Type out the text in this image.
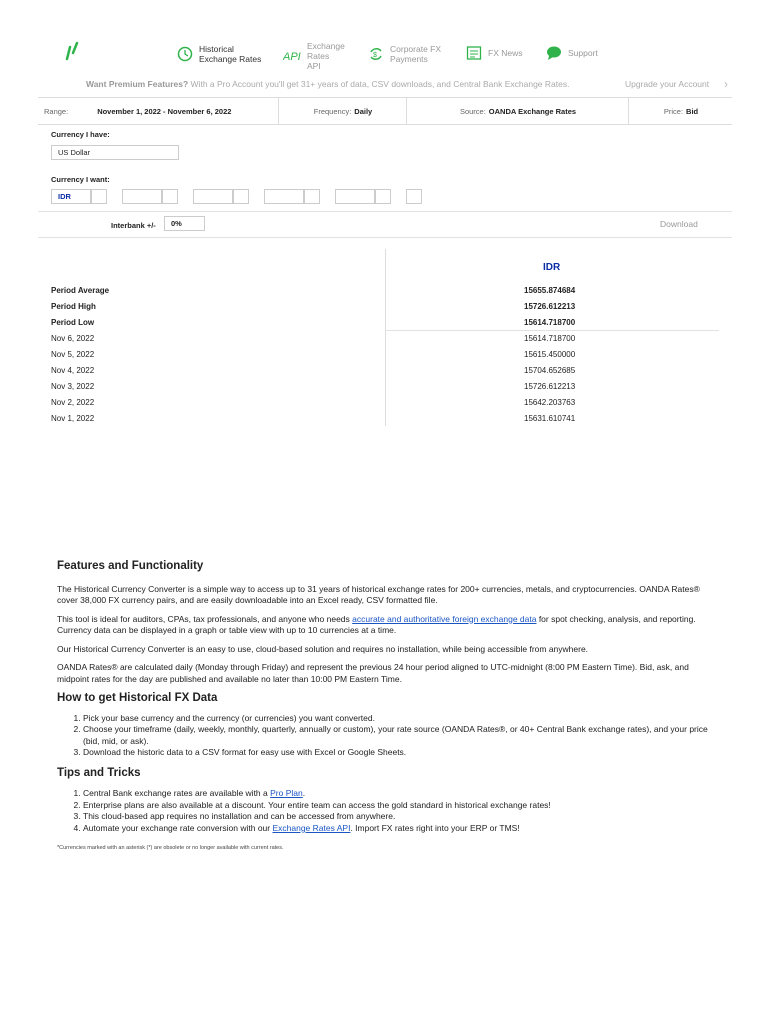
Historical
Exchange Rates API
Exchange
Rates
API
$
Corporate FX
Payments
FX News	Support
Want Premium Features? With a Pro Account you'll get 31+ years of data, CSV downloads, and Central Bank Exchange Rates.	Upgrade your Account ›
Range:	November 1, 2022 - November 6, 2022	Frequency: Daily	Source: OANDA Exchange Rates	Price: Bid
Currency I have:
US Dollar
Currency I want:
IDR
Interbank +/-	0%	Download
IDR
Period Average	15655.874684
Period High	15726.612213
Period Low	15614.718700
Nov 6, 2022	15614.718700
Nov 5, 2022	15615.450000
Nov 4, 2022	15704.652685
Nov 3, 2022	15726.612213
Nov 2, 2022	15642.203763
Nov 1, 2022	15631.610741
Features and Functionality

The Historical Currency Converter is a simple way to access up to 31 years of historical exchange rates for 200+ currencies, metals, and cryptocurrencies. OANDA Rates® cover 38,000 FX currency pairs, and are easily downloadable into an Excel ready, CSV formatted file.

This tool is ideal for auditors, CPAs, tax professionals, and anyone who needs accurate and authoritative foreign exchange data for spot checking, analysis, and reporting. Currency data can be displayed in a graph or table view with up to 10 currencies at a time.

Our Historical Currency Converter is an easy to use, cloud-based solution and requires no installation, while being accessible from anywhere.

OANDA Rates® are calculated daily (Monday through Friday) and represent the previous 24 hour period aligned to UTC-midnight (8:00 PM Eastern Time). Bid, ask, and midpoint rates for the day are published and available no later than 10:00 PM Eastern Time.

How to get Historical FX Data
1. Pick your base currency and the currency (or currencies) you want converted.
2. Choose your timeframe (daily, weekly, monthly, quarterly, annually or custom), your rate source (OANDA Rates®, or 40+ Central Bank exchange rates), and your price (bid, mid, or ask).
3. Download the historic data to a CSV format for easy use with Excel or Google Sheets.
Tips and Tricks
1. Central Bank exchange rates are available with a Pro Plan.
2. Enterprise plans are also available at a discount. Your entire team can access the gold standard in historical exchange rates!
3. This cloud-based app requires no installation and can be accessed from anywhere.
4. Automate your exchange rate conversion with our Exchange Rates API. Import FX rates right into your ERP or TMS!

*Currencies marked with an asterisk (*) are obsolete or no longer available with current rates.
